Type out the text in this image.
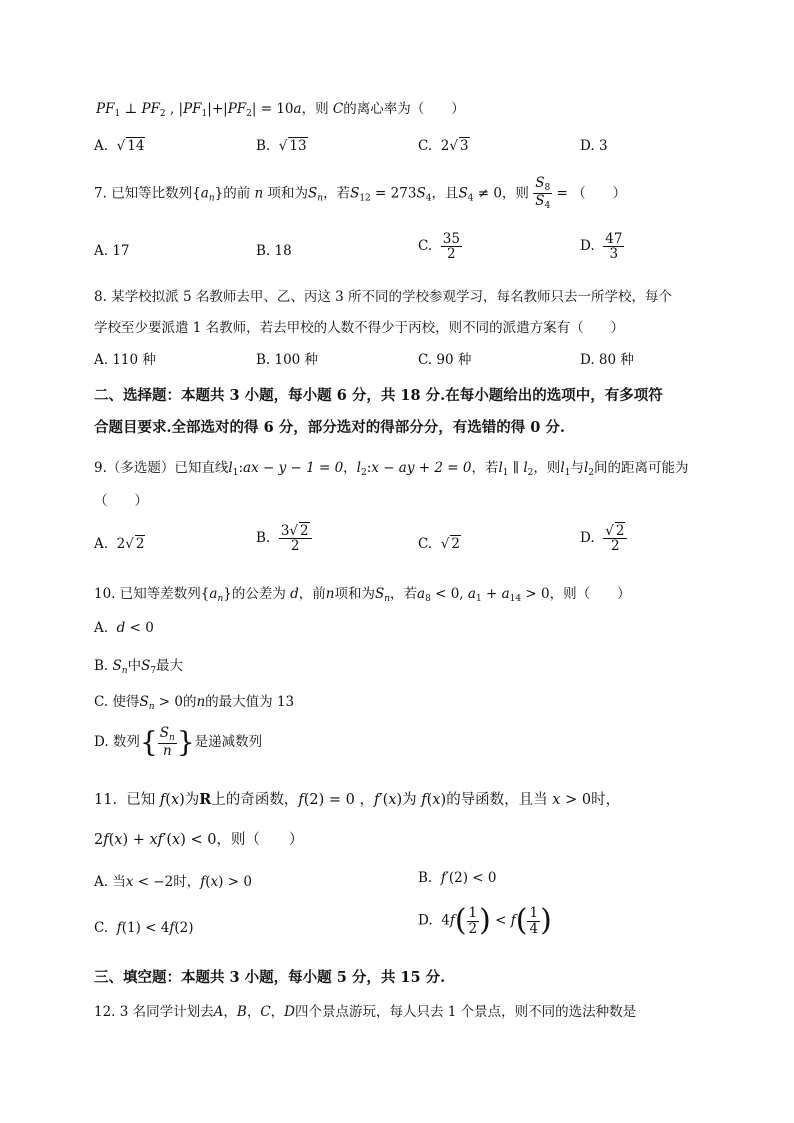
$PF_1$ ⊥ $PF_2$ , $|PF_1|+|PF_2| = 10a$，则 C的离心率为（　　）
A.  √ 14	B.  √ 13	C. 2√ 3	D. 3
7. 已知等比数列$\{a_n\}$的前 n 项和为$S_n$，若$S_{12} = 273S_4$，且$S_4 \ne 0$，则 $\frac{S_8}{S_4}$ = （　　）
A. 17	B. 18	C. $\frac{35}{2}$	D. $\frac{47}{3}$
8. 某学校拟派 5 名教师去甲、乙、丙这 3 所不同的学校参观学习，每名教师只去一所学校，每个
学校至少要派遣 1 名教师，若去甲校的人数不得少于丙校，则不同的派遣方案有（　　）
A. 110 种	B. 100 种	C. 90 种	D. 80 种
二、选择题：本题共 3 小题，每小题 6 分，共 18 分.在每小题给出的选项中，有多项符
合题目要求.全部选对的得 6 分，部分选对的得部分分，有选错的得 0 分.
9.（多选题）已知直线$l_1:ax - y - 1 = 0$，$l_2:x$ − ay + 2 = 0，若$l_1$ ∥ $l_2$，则$l_1$与$l_2$间的距离可能为
（　　）
A. 2√ 2	B. $\frac{3√ 2}{2}$	C.  √ 2	D. $\frac{√ 2}{2}$
10. 已知等差数列$\{a_n\}$的公差为 d，前n项和为$S_n$，若$a_8 < 0$, $a_1 + a_{14} > 0$，则（　　）
A. d < 0
B. $S_n$中$S_7$最大
C. 使得$S_n > 0$的n的最大值为 13
D. 数列{ $\frac{S_n}{n}$ }是递减数列
11. 已知 f(x)为R上的奇函数，f(2) = 0 ，f′(x)为 f(x)的导函数，且当 x > 0时，
2f(x) + xf′(x) < 0，则（　　）
A. 当x < −2时，f(x) > 0	B. f′(2) < 0
C. f(1) < 4f(2)	D. $4f( \frac{1}{2}$ ) < $f( \frac{1}{4}$ )
三、填空题：本题共 3 小题，每小题 5 分，共 15 分.
12. 3 名同学计划去A，B，C，D四个景点游玩，每人只去 1 个景点，则不同的选法种数是
